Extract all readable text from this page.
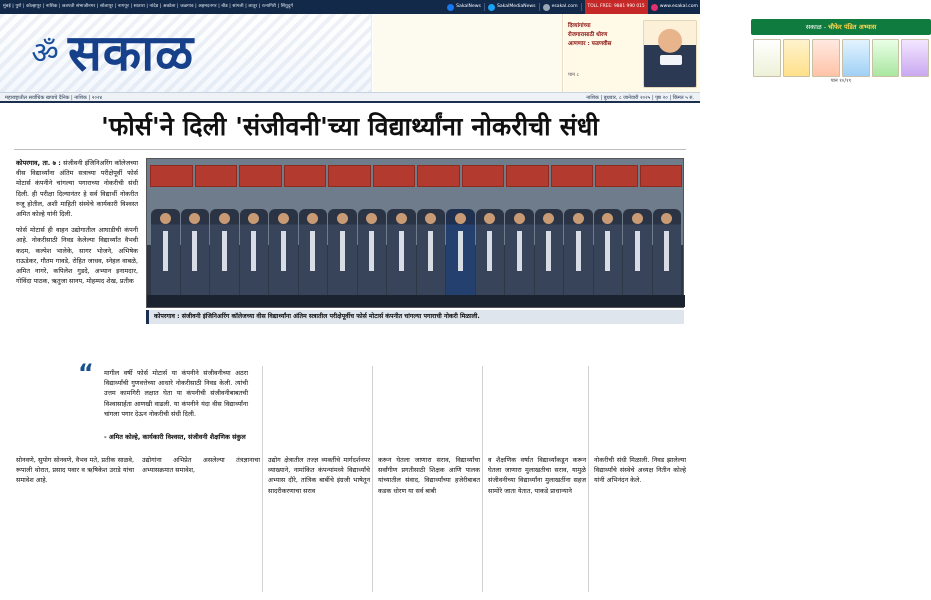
मुंबई | पुणे | कोल्हापूर | नाशिक | छत्रपती संभाजीनगर | सोलापूर | नागपूर | सातारा | नांदेड | अकोला | जळगाव | अहमदनगर | बीड | सांगली | लातूर | रत्नागिरी | सिंधुदुर्ग	SakalNews	SakalMediaNews	esakal.com	TOLL FREE: 9881 990 015	www.esakal.com
ॐ सकाळ	सकाळ - चौफेर पंडित अभ्यास
पान १०/११
दिव्यांगांच्या
रोजगारासाठी धोरण
आणणार : फडणवीस
पान ८
महाराष्ट्रातील सर्वाधिक खपाचे दैनिक | नाशिक | २०२४	नाशिक | बुधवार, ८ जानेवारी २०२५ | पृष्ठ २० | किंमत ५ रु.
'फोर्स'ने दिली 'संजीवनी'च्या विद्यार्थ्यांना नोकरीची संधी

कोपरगाव, ता. ७ : संजीवनी इंजिनिअरिंग कॉलेजच्या वीस विद्यार्थ्यांना अंतिम सत्राच्या परीक्षेपूर्वी फोर्स मोटार्स कंपनीने चांगल्या पगाराच्या नोकरीची संधी दिली. ही परीक्षा दिल्यानंतर हे सर्व विद्यार्थी नोकरीत रुजू होतील, अशी माहिती संस्थेचे कार्यकारी विश्वस्त अमित कोल्हे यांनी दिली.

फोर्स मोटार्स ही वाहन उद्योगातील आघाडीची कंपनी आहे. नोकरीसाठी निवड केलेल्या विद्यार्थ्यांत वैभवी कदम, कल्पेश भालेके, सागर भोजने, अभिषेक राऊडेकर, गौतम गावडे, रोहित जाधव, स्नेहल वाबळे, अमित नागरे, कपिलेश गुडदे, अभ्यान इनामदार, गोविंदा पाठक, ऋतुजा सानप, मोहम्मद शेख, प्रतीक

कोपरगाव : संजीवनी इंजिनिअरिंग कॉलेजच्या वीस विद्यार्थ्यांना अंतिम सत्रातील परीक्षेपूर्वीच फोर्स मोटार्स कंपनीत चांगल्या पगाराची नोकरी मिळाली.
“ मागील वर्षी फोर्स मोटार्स या कंपनीने संजीवनीच्या अठरा विद्यार्थ्यांची गुणवत्तेच्या आधारे नोकरीसाठी निवड केली. त्यांची उत्तम कामगिरी लक्षात घेता या कंपनीची संजीवनीबाबतची विश्वासार्हता आणखी वाढली. या कंपनीने यंदा वीस विद्यार्थ्यांना चांगला पगार देऊन नोकरीची संधी दिली.
- अमित कोल्हे, कार्यकारी विश्वस्त, संजीवनी शैक्षणिक संकुल
सोनवणे, सुयोग सोनवणे, वैभव मते, प्रतीक साळवे, रूपाली थोरात, प्रसाद पवार व ऋषिकेश उराडे यांचा समावेश आहे.
उद्योगांना अभिप्रेत असलेल्या तंत्रज्ञानाचा अभ्यासक्रमात समावेश,
उद्योग क्षेत्रातील तज्ज्ञ व्यक्तींचे मार्गदर्शनपर व्याख्याने, नामांकित कंपन्यांमध्ये विद्यार्थ्यांचे अभ्यास दौरे, तांत्रिक बाबींचे इंग्रजी भाषेतून सादरीकरणाचा सराव
करून घेतला जाणारा सराव, विद्यार्थ्यांचा सर्वांगीण प्रगतीसाठी शिक्षक आणि पालक यांच्यातील संवाद, विद्यार्थ्यांच्या हजेरीबाबत कडक धोरण या सर्व बाबी
व शैक्षणिक वर्षात विद्यार्थ्यांकडून करून घेतला जाणारा मुलाखतीचा सराव, यामुळे संजीवनीच्या विद्यार्थ्यांना मुलाखतींना सहज सामोरे जाता येतात, याकडे प्राधान्याने
नोकरीची संधी मिळाली. निवड झालेल्या विद्यार्थ्यांचे संस्थेचे अध्यक्ष नितीन कोल्हे यांनी अभिनंदन केले.
